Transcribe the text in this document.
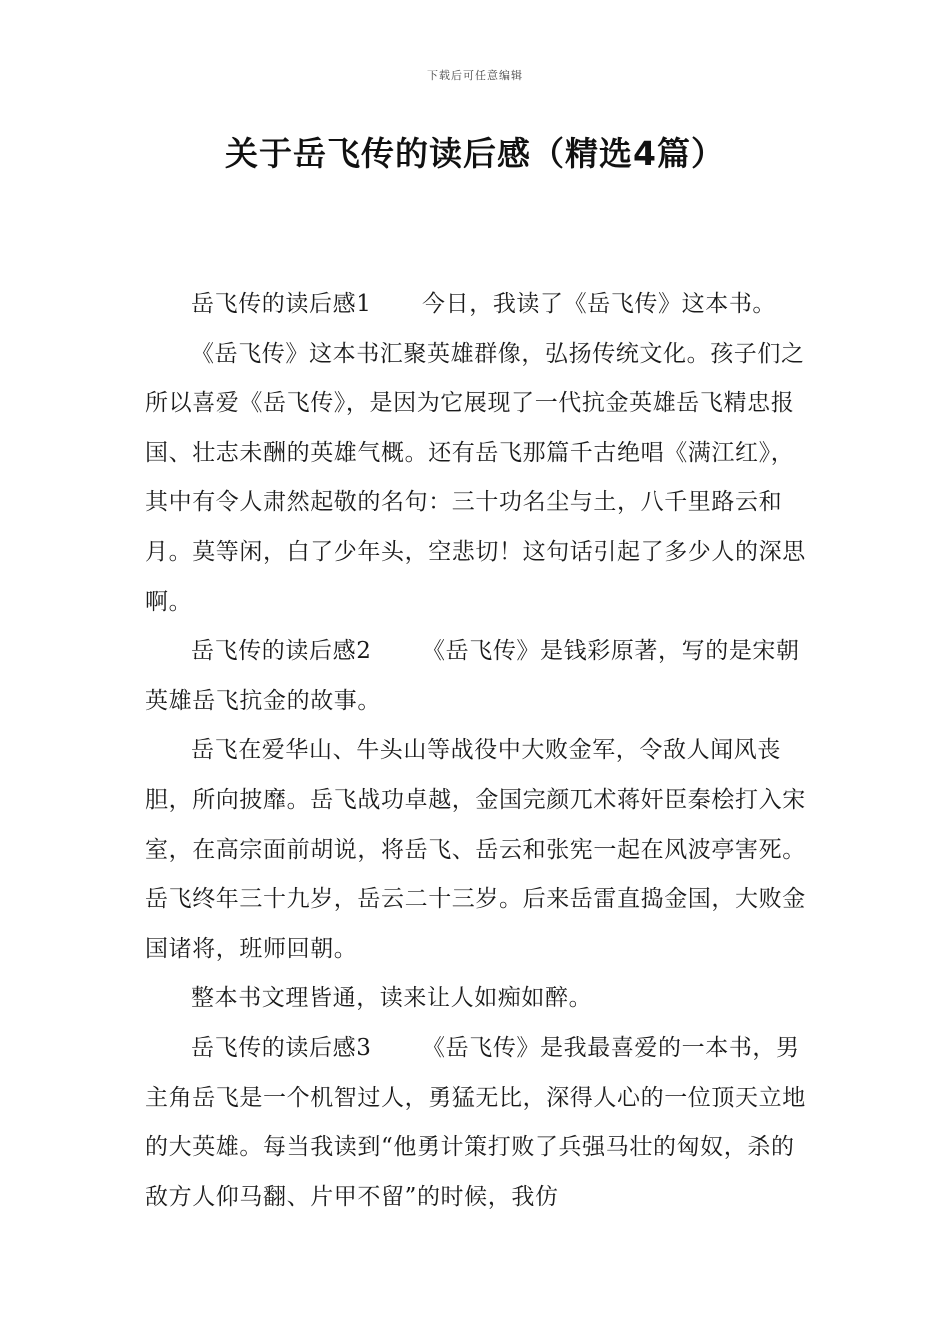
下载后可任意编辑
关于岳飞传的读后感（精选4篇）

岳飞传的读后感1 今日，我读了《岳飞传》这本书。

《岳飞传》这本书汇聚英雄群像，弘扬传统文化。孩子们之所以喜爱《岳飞传》，是因为它展现了一代抗金英雄岳飞精忠报国、壮志未酬的英雄气概。还有岳飞那篇千古绝唱《满江红》，其中有令人肃然起敬的名句：三十功名尘与土，八千里路云和月。莫等闲，白了少年头，空悲切！这句话引起了多少人的深思啊。

岳飞传的读后感2 《岳飞传》是钱彩原著，写的是宋朝英雄岳飞抗金的故事。

岳飞在爱华山、牛头山等战役中大败金军，令敌人闻风丧胆，所向披靡。岳飞战功卓越，金国完颜兀术蒋奸臣秦桧打入宋室，在高宗面前胡说，将岳飞、岳云和张宪一起在风波亭害死。岳飞终年三十九岁，岳云二十三岁。后来岳雷直捣金国，大败金国诸将，班师回朝。

整本书文理皆通，读来让人如痴如醉。

岳飞传的读后感3 《岳飞传》是我最喜爱的一本书，男主角岳飞是一个机智过人，勇猛无比，深得人心的一位顶天立地的大英雄。每当我读到“他勇计策打败了兵强马壮的匈奴，杀的敌方人仰马翻、片甲不留”的时候，我仿
